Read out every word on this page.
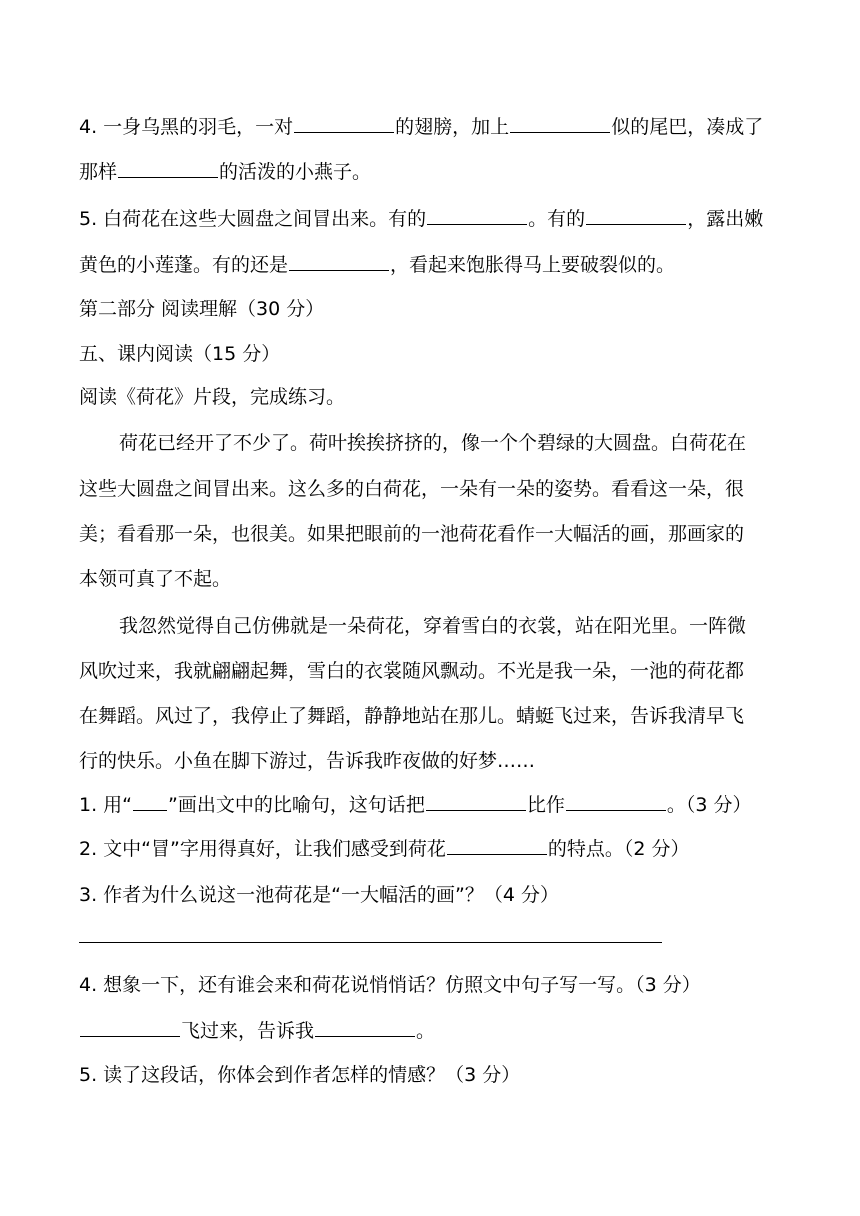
4. 一身乌黑的羽毛，一对	的翅膀，加上	似的尾巴，凑成了
那样	的活泼的小燕子。
5. 白荷花在这些大圆盘之间冒出来。有的	。有的	，露出嫩
黄色的小莲蓬。有的还是	，看起来饱胀得马上要破裂似的。
第二部分 阅读理解（30 分）
五、课内阅读（15 分）
阅读《荷花》片段，完成练习。
荷花已经开了不少了。荷叶挨挨挤挤的，像一个个碧绿的大圆盘。白荷花在
这些大圆盘之间冒出来。这么多的白荷花，一朵有一朵的姿势。看看这一朵，很
美；看看那一朵，也很美。如果把眼前的一池荷花看作一大幅活的画，那画家的
本领可真了不起。
我忽然觉得自己仿佛就是一朵荷花，穿着雪白的衣裳，站在阳光里。一阵微
风吹过来，我就翩翩起舞，雪白的衣裳随风飘动。不光是我一朵，一池的荷花都
在舞蹈。风过了，我停止了舞蹈，静静地站在那儿。蜻蜓飞过来，告诉我清早飞
行的快乐。小鱼在脚下游过，告诉我昨夜做的好梦……
1. 用“ ”画出文中的比喻句，这句话把	比作	。（3 分）
2. 文中“冒”字用得真好，让我们感受到荷花	的特点。（2 分）
3. 作者为什么说这一池荷花是“一大幅活的画”？（4 分）
4. 想象一下，还有谁会来和荷花说悄悄话？仿照文中句子写一写。（3 分）
飞过来，告诉我	。
5. 读了这段话，你体会到作者怎样的情感？（3 分）
